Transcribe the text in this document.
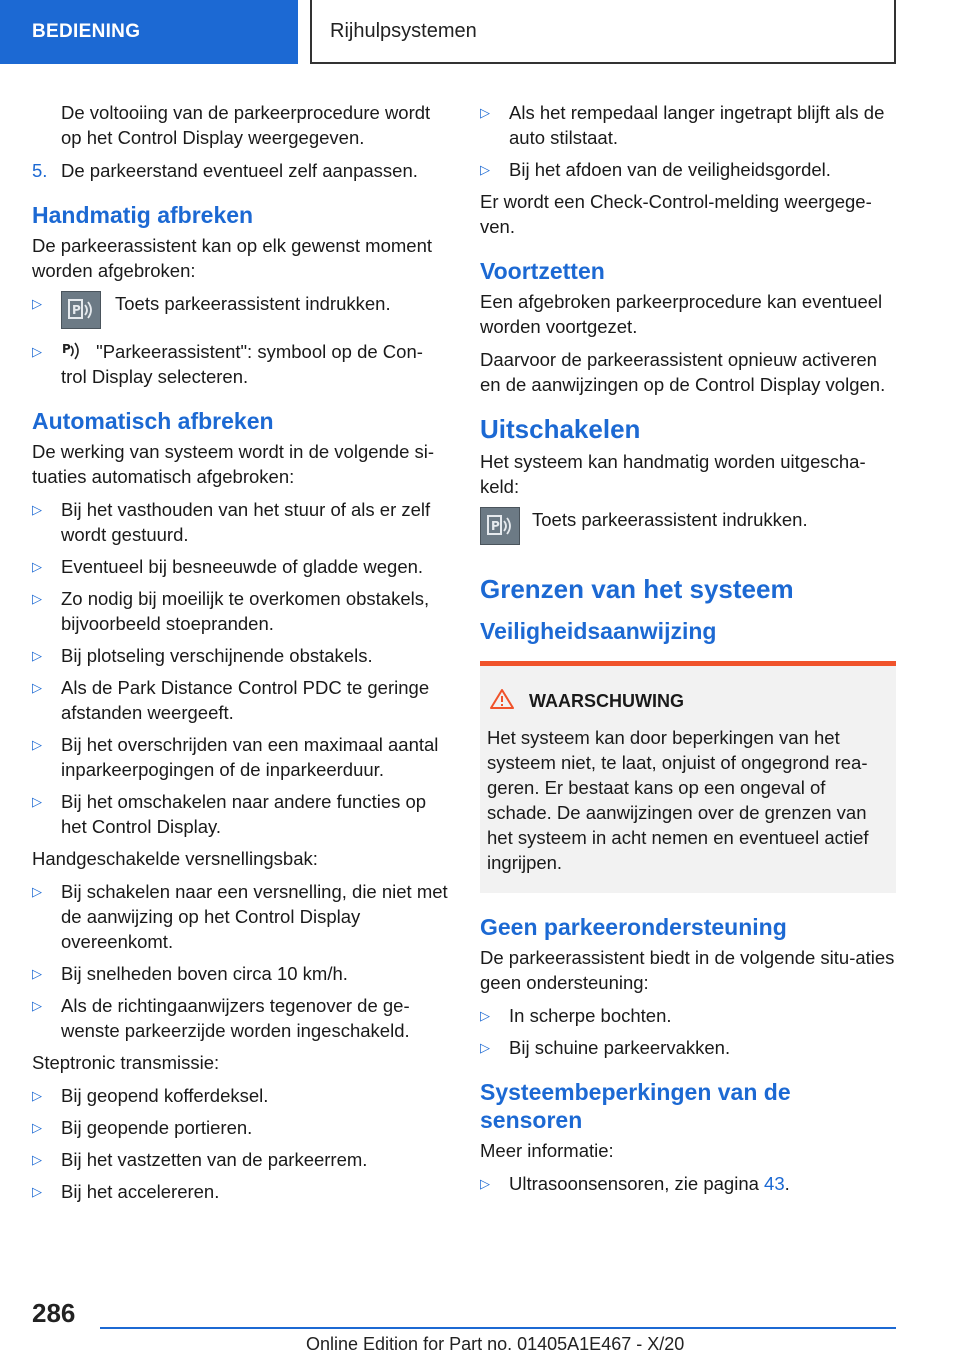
BEDIENING	Rijhulpsystemen

De voltooiing van de parkeerprocedure wordt op het Control Display weergegeven.

5. De parkeerstand eventueel zelf aanpassen.
Handmatig afbreken

De parkeerassistent kan op elk gewenst moment worden afgebroken:

▷	P Toets parkeerassistent indrukken.
▷	P "Parkeerassistent": symbool op de Con‐trol Display selecteren.
Automatisch afbreken

De werking van systeem wordt in de volgende si‐tuaties automatisch afgebroken:

▷	Bij het vasthouden van het stuur of als er zelf wordt gestuurd.
▷	Eventueel bij besneeuwde of gladde wegen.
▷	Zo nodig bij moeilijk te overkomen obstakels, bijvoorbeeld stoepranden.
▷	Bij plotseling verschijnende obstakels.
▷	Als de Park Distance Control PDC te geringe afstanden weergeeft.
▷	Bij het overschrijden van een maximaal aantal inparkeerpogingen of de inparkeerduur.
▷	Bij het omschakelen naar andere functies op het Control Display.

Handgeschakelde versnellingsbak:

▷	Bij schakelen naar een versnelling, die niet met de aanwijzing op het Control Display overeenkomt.
▷	Bij snelheden boven circa 10 km/h.
▷	Als de richtingaanwijzers tegenover de ge‐wenste parkeerzijde worden ingeschakeld.

Steptronic transmissie:

▷	Bij geopend kofferdeksel.
▷	Bij geopende portieren.
▷	Bij het vastzetten van de parkeerrem.
▷	Bij het accelereren.
▷	Als het rempedaal langer ingetrapt blijft als de auto stilstaat.
▷	Bij het afdoen van de veiligheidsgordel.

Er wordt een Check-Control-melding weergege‐ven.

Voortzetten

Een afgebroken parkeerprocedure kan eventueel worden voortgezet.

Daarvoor de parkeerassistent opnieuw activeren en de aanwijzingen op de Control Display volgen.

Uitschakelen

Het systeem kan handmatig worden uitgescha‐keld:

P Toets parkeerassistent indrukken.
Grenzen van het systeem
Veiligheidsaanwijzing
WAARSCHUWING

Het systeem kan door beperkingen van het systeem niet, te laat, onjuist of ongegrond rea‐geren. Er bestaat kans op een ongeval of schade. De aanwijzingen over de grenzen van het systeem in acht nemen en eventueel actief ingrijpen.

Geen parkeerondersteuning

De parkeerassistent biedt in de volgende situ‐aties geen ondersteuning:

▷	In scherpe bochten.
▷	Bij schuine parkeervakken.
Systeembeperkingen van de sensoren

Meer informatie:

▷	Ultrasoonsensoren, zie pagina 43.
286
Online Edition for Part no. 01405A1E467 - X/20
